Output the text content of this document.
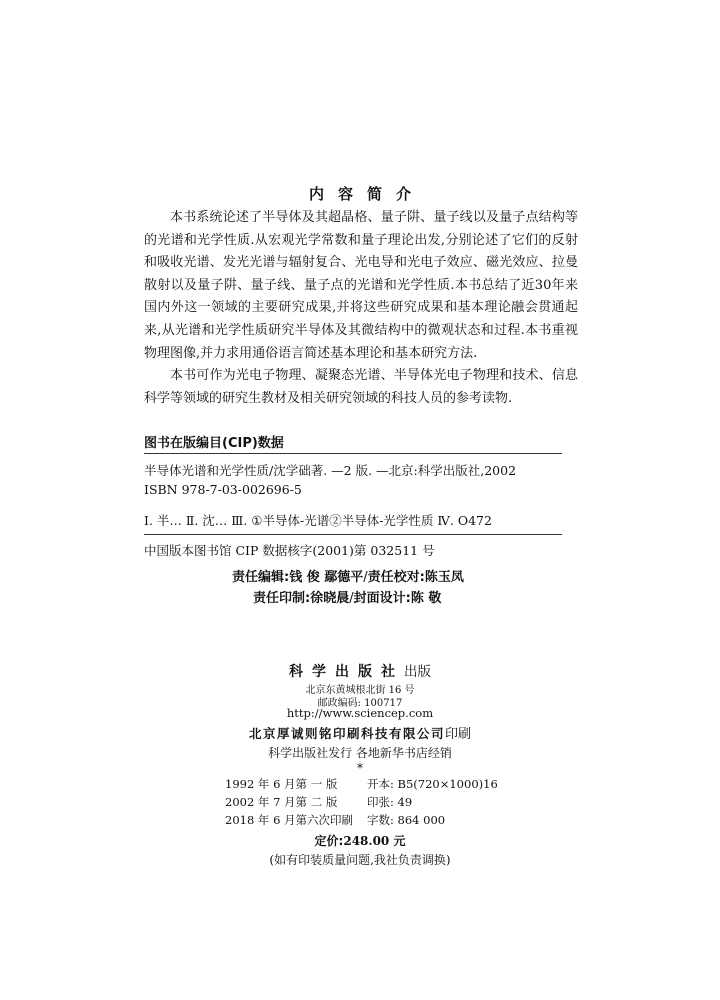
内容简介

本书系统论述了半导体及其超晶格、量子阱、量子线以及量子点结构等的光谱和光学性质.从宏观光学常数和量子理论出发,分别论述了它们的反射和吸收光谱、发光光谱与辐射复合、光电导和光电子效应、磁光效应、拉曼散射以及量子阱、量子线、量子点的光谱和光学性质.本书总结了近30年来国内外这一领域的主要研究成果,并将这些研究成果和基本理论融会贯通起来,从光谱和光学性质研究半导体及其微结构中的微观状态和过程.本书重视物理图像,并力求用通俗语言简述基本理论和基本研究方法.

本书可作为光电子物理、凝聚态光谱、半导体光电子物理和技术、信息科学等领域的研究生教材及相关研究领域的科技人员的参考读物.

图书在版编目(CIP)数据
半导体光谱和光学性质/沈学础著. —2 版. —北京:科学出版社,2002
ISBN 978-7-03-002696-5
Ⅰ. 半… Ⅱ. 沈… Ⅲ. ①半导体-光谱②半导体-光学性质 Ⅳ. O472
中国版本图书馆 CIP 数据核字(2001)第 032511 号
责任编辑:钱 俊 鄢德平/责任校对:陈玉凤
责任印制:徐晓晨/封面设计:陈 敬
科学出版社出版
北京东黄城根北街 16 号
邮政编码: 100717
http://www.sciencep.com
北京厚诚则铭印刷科技有限公司印刷
科学出版社发行 各地新华书店经销
*
1992 年 6 月第 一 版	开本: B5(720×1000)16
2002 年 7 月第 二 版	印张: 49
2018 年 6 月第六次印刷 字数: 864 000
定价:248.00 元
(如有印装质量问题,我社负责调换)
